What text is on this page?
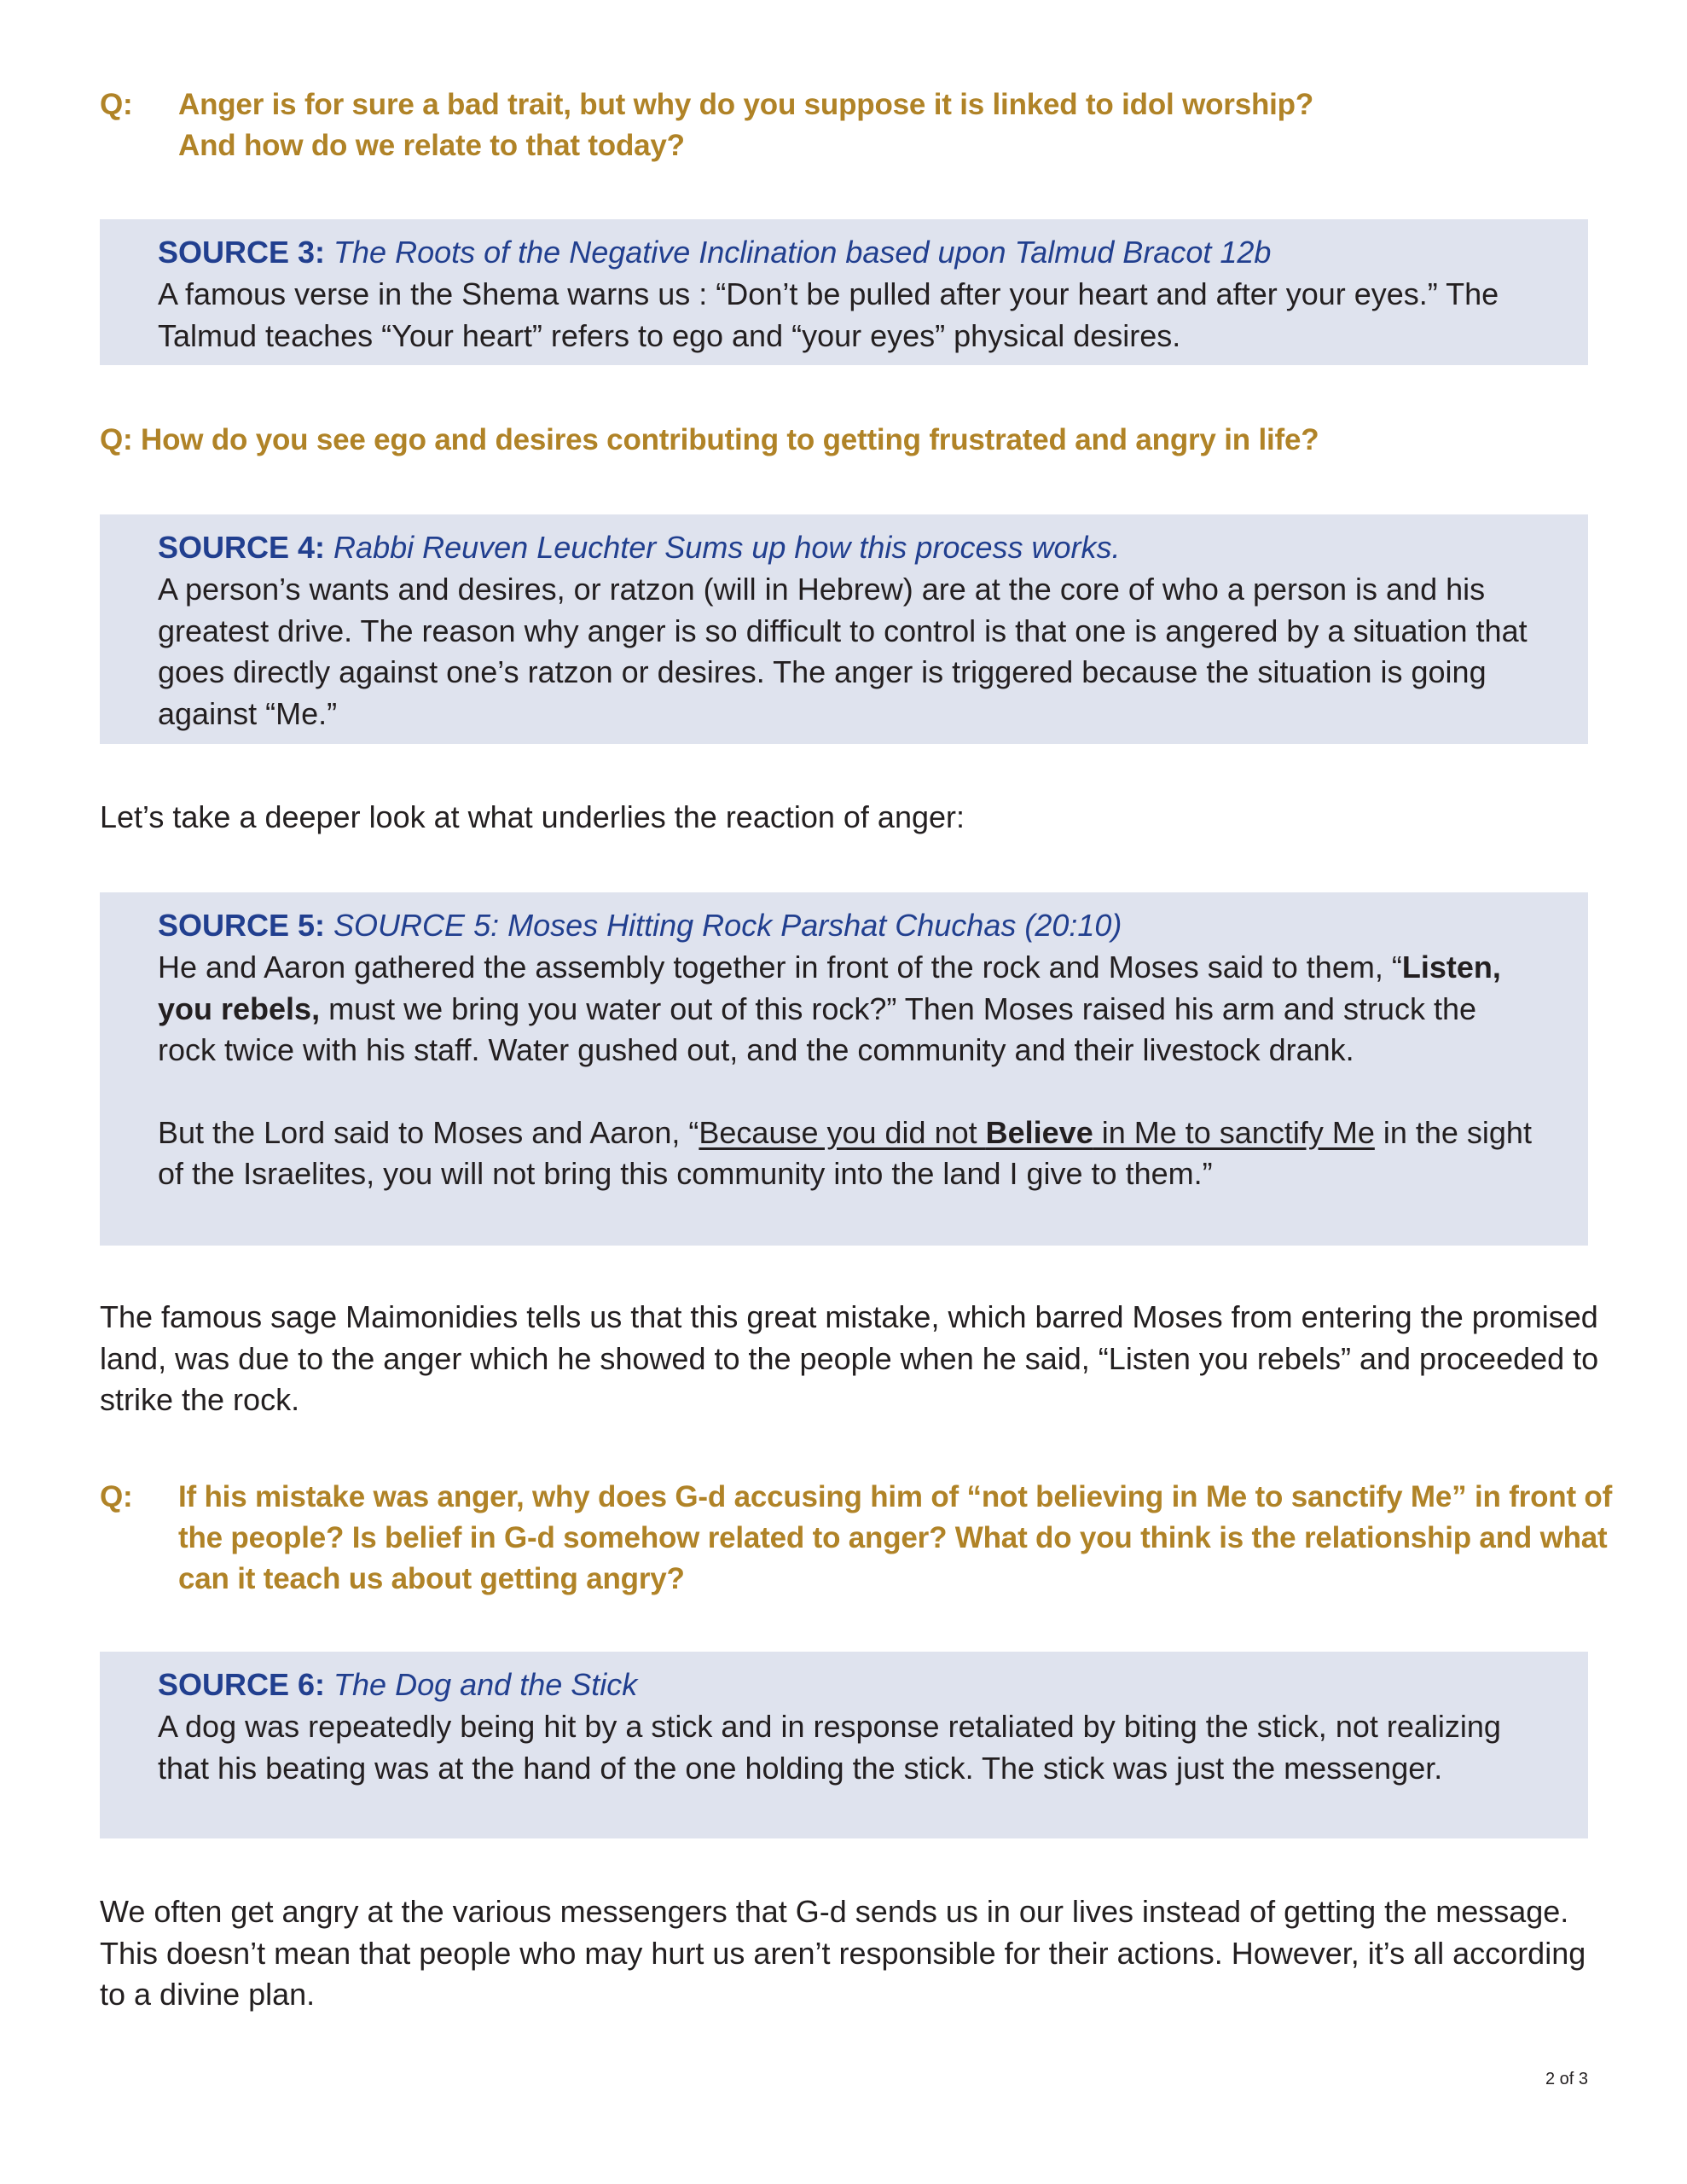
Q: Anger is for sure a bad trait, but why do you suppose it is linked to idol worship?
And how do we relate to that today?
SOURCE 3: The Roots of the Negative Inclination based upon Talmud Bracot 12b

A famous verse in the Shema warns us : “Don’t be pulled after your heart and after your eyes.” The Talmud teaches “Your heart” refers to ego and “your eyes” physical desires.

Q: How do you see ego and desires contributing to getting frustrated and angry in life?
SOURCE 4: Rabbi Reuven Leuchter Sums up how this process works.

A person’s wants and desires, or ratzon (will in Hebrew) are at the core of who a person is and his greatest drive. The reason why anger is so difficult to control is that one is angered by a situation that goes directly against one’s ratzon or desires. The anger is triggered because the situation is going against “Me.”

Let’s take a deeper look at what underlies the reaction of anger:

SOURCE 5: SOURCE 5: Moses Hitting Rock Parshat Chuchas (20:10)

He and Aaron gathered the assembly together in front of the rock and Moses said to them, “Listen, you rebels, must we bring you water out of this rock?” Then Moses raised his arm and struck the rock twice with his staff. Water gushed out, and the community and their livestock drank.

But the Lord said to Moses and Aaron, “Because you did not Believe in Me to sanctify Me in the sight of the Israelites, you will not bring this community into the land I give to them.”

The famous sage Maimonidies tells us that this great mistake, which barred Moses from entering the promised land, was due to the anger which he showed to the people when he said, “Listen you rebels” and proceeded to strike the rock.

Q: If his mistake was anger, why does G-d accusing him of “not believing in Me to sanctify Me” in front of the people? Is belief in G-d somehow related to anger? What do you think is the relationship and what can it teach us about getting angry?
SOURCE 6: The Dog and the Stick

A dog was repeatedly being hit by a stick and in response retaliated by biting the stick, not realizing that his beating was at the hand of the one holding the stick. The stick was just the messenger.

We often get angry at the various messengers that G-d sends us in our lives instead of getting the message. This doesn’t mean that people who may hurt us aren’t responsible for their actions. However, it’s all according to a divine plan.

2 of 3
